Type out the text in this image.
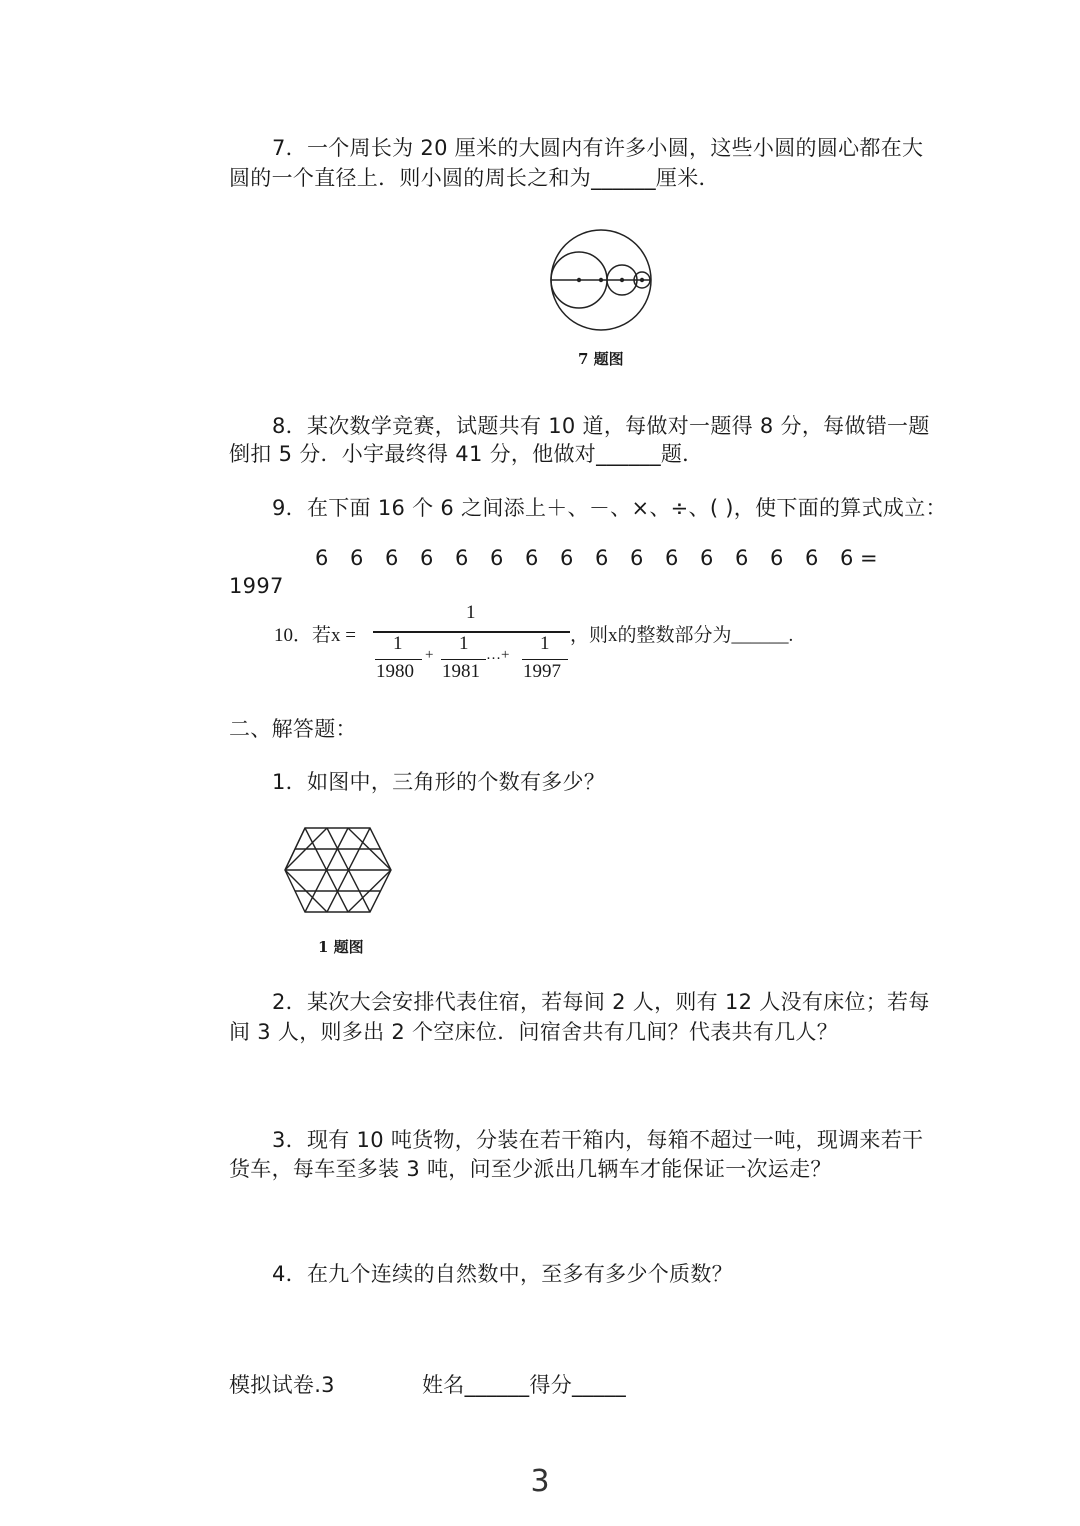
7．一个周长为 20 厘米的大圆内有许多小圆，这些小圆的圆心都在大
圆的一个直径上．则小圆的周长之和为______厘米．
7 题图
8．某次数学竞赛，试题共有 10 道，每做对一题得 8 分，每做错一题
倒扣 5 分．小宇最终得 41 分，他做对______题．
9．在下面 16 个 6 之间添上＋、－、×、÷、( )，使下面的算式成立：
6 6 6 6 6 6 6 6 6 6 6 6 6 6 6 6 =
1997
10．若x =
1
1
1980
+
1
1981
…+
1
1997
，则x的整数部分为______.
二、解答题：
1．如图中，三角形的个数有多少？
1 题图
2．某次大会安排代表住宿，若每间 2 人，则有 12 人没有床位；若每
间 3 人，则多出 2 个空床位．问宿舍共有几间？代表共有几人？
3．现有 10 吨货物，分装在若干箱内，每箱不超过一吨，现调来若干
货车，每车至多装 3 吨，问至少派出几辆车才能保证一次运走？
4．在九个连续的自然数中，至多有多少个质数？
模拟试卷.3	姓名______得分_____
3
